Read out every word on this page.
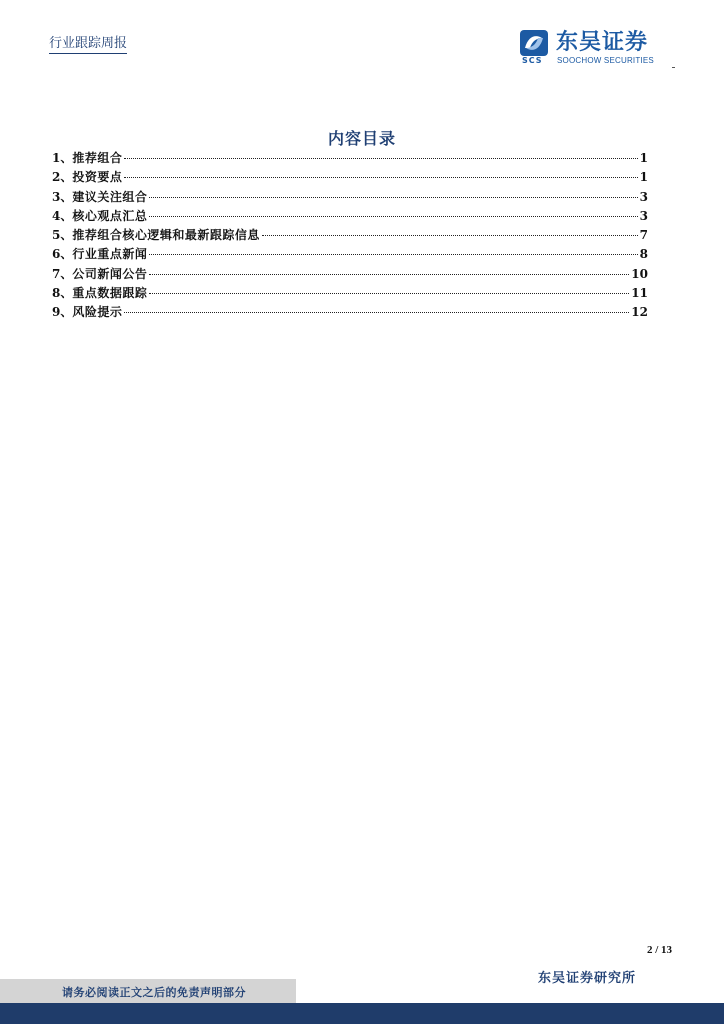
行业跟踪周报
SCS
东吴证券
SOOCHOW SECURITIES
内容目录
1 、 推荐组合	1
2 、 投资要点	1
3 、 建议关注组合	3
4 、 核心观点汇总	3
5 、 推荐组合核心逻辑和最新跟踪信息	7
6 、 行业重点新闻	8
7 、 公司新闻公告	10
8 、 重点数据跟踪	11
9 、 风险提示	12
2 / 13
东吴证券研究所
请务必阅读正文之后的免责声明部分
